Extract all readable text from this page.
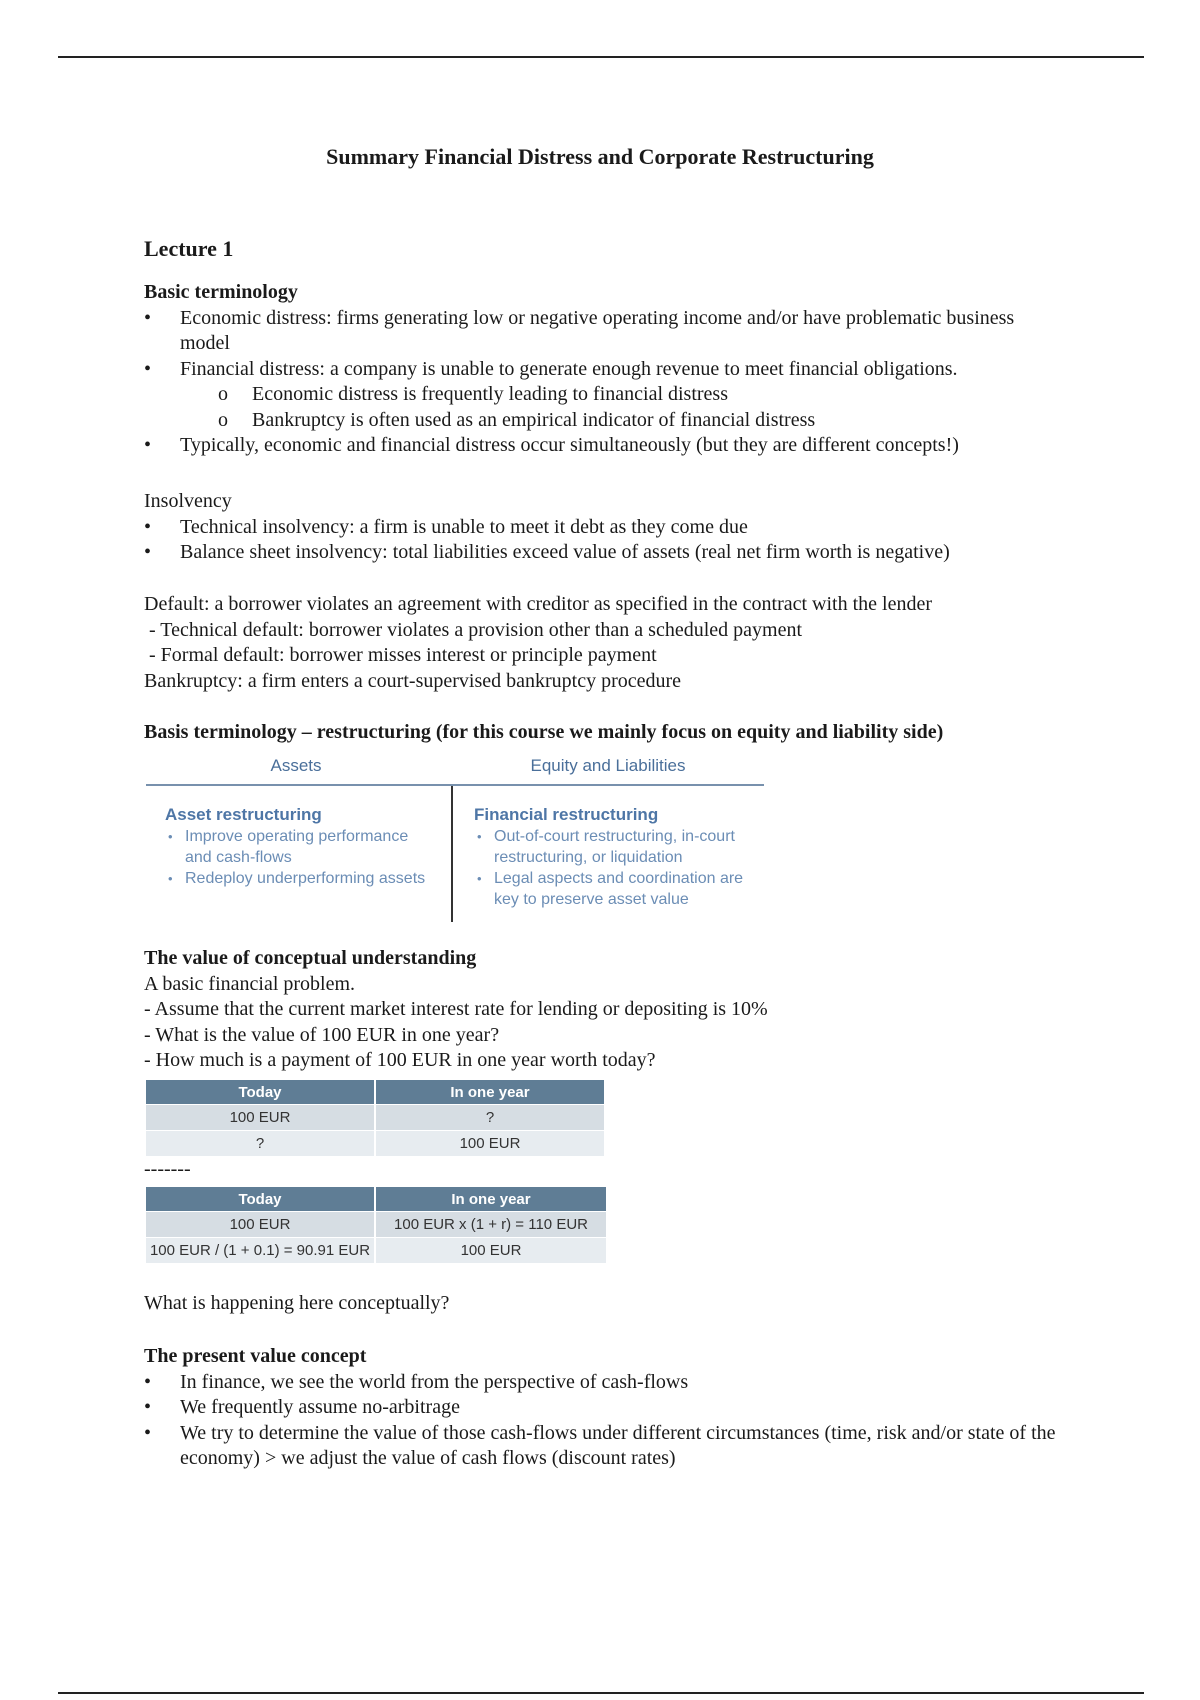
Summary Financial Distress and Corporate Restructuring
Lecture 1

Basic terminology

• Economic distress: firms generating low or negative operating income and/or have problematic business model
• Financial distress: a company is unable to generate enough revenue to meet financial obligations.
o Economic distress is frequently leading to financial distress
o Bankruptcy is often used as an empirical indicator of financial distress
• Typically, economic and financial distress occur simultaneously (but they are different concepts!)

Insolvency

• Technical insolvency: a firm is unable to meet it debt as they come due
• Balance sheet insolvency: total liabilities exceed value of assets (real net firm worth is negative)

Default: a borrower violates an agreement with creditor as specified in the contract with the lender

- Technical default: borrower violates a provision other than a scheduled payment

- Formal default: borrower misses interest or principle payment

Bankruptcy: a firm enters a court-supervised bankruptcy procedure

Basis terminology – restructuring (for this course we mainly focus on equity and liability side)
Assets	Equity and Liabilities
Asset restructuring
• Improve operating performance and cash-flows
• Redeploy underperforming assets
Financial restructuring
• Out-of-court restructuring, in-court restructuring, or liquidation
• Legal aspects and coordination are key to preserve asset value

The value of conceptual understanding

A basic financial problem.

- Assume that the current market interest rate for lending or depositing is 10%

- What is the value of 100 EUR in one year?

- How much is a payment of 100 EUR in one year worth today?

Today	In one year
100 EUR	?
?	100 EUR
-------
Today	In one year
100 EUR	100 EUR x (1 + r) = 110 EUR
100 EUR / (1 + 0.1) = 90.91 EUR	100 EUR
What is happening here conceptually?

The present value concept

• In finance, we see the world from the perspective of cash-flows
• We frequently assume no-arbitrage
• We try to determine the value of those cash-flows under different circumstances (time, risk and/or state of the economy) > we adjust the value of cash flows (discount rates)
